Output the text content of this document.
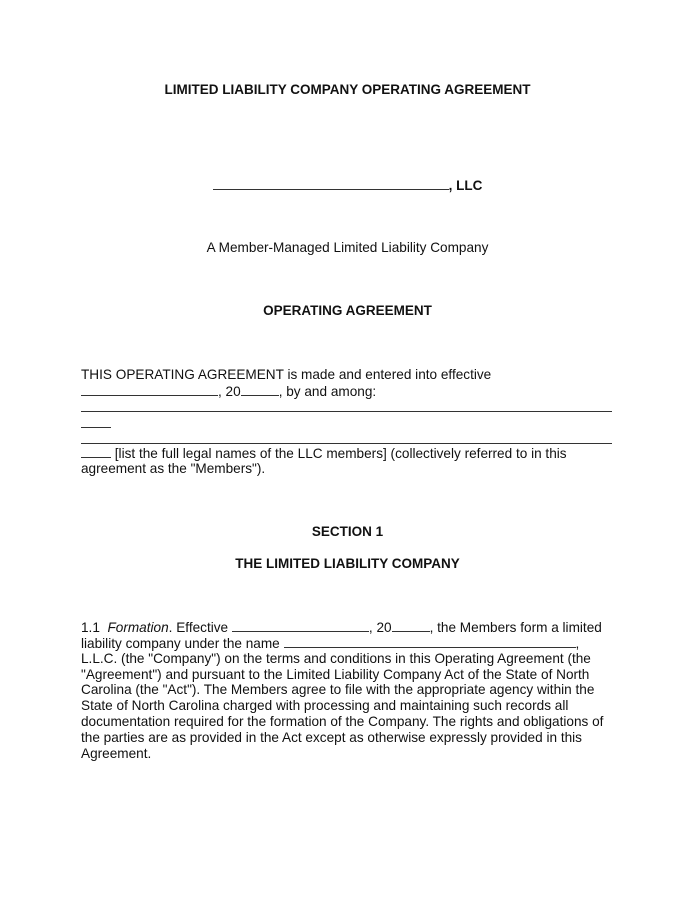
LIMITED LIABILITY COMPANY OPERATING AGREEMENT
, LLC
A Member-Managed Limited Liability Company
OPERATING AGREEMENT
THIS OPERATING AGREEMENT is made and entered into effective
, 20	, by and among:
[list the full legal names of the LLC members] (collectively referred to in this
agreement as the "Members").
SECTION 1
THE LIMITED LIABILITY COMPANY
1.1 Formation. Effective	, 20	, the Members form a limited
liability company under the name	,
L.L.C. (the "Company") on the terms and conditions in this Operating Agreement (the
"Agreement") and pursuant to the Limited Liability Company Act of the State of North
Carolina (the "Act"). The Members agree to file with the appropriate agency within the
State of North Carolina charged with processing and maintaining such records all
documentation required for the formation of the Company. The rights and obligations of
the parties are as provided in the Act except as otherwise expressly provided in this
Agreement.
